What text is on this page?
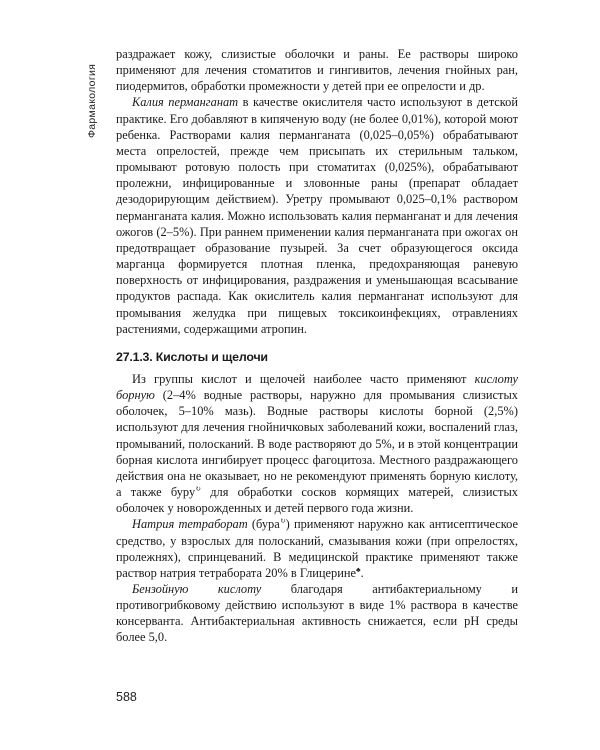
Фармакология

раздражает кожу, слизистые оболочки и раны. Ее растворы широко применяют для лечения стоматитов и гингивитов, лечения гнойных ран, пиодермитов, обработки промежности у детей при ее опрелости и др.

Калия перманганат в качестве окислителя часто используют в детской практике. Его добавляют в кипяченую воду (не более 0,01%), которой моют ребенка. Растворами калия перманганата (0,025–0,05%) обрабатывают места опрелостей, прежде чем присыпать их стерильным тальком, промывают ротовую полость при стоматитах (0,025%), обрабатывают пролежни, инфицированные и зловонные раны (препарат обладает дезодорирующим действием). Уретру промывают 0,025–0,1% раствором перманганата калия. Можно использовать калия перманганат и для лечения ожогов (2–5%). При раннем применении калия перманганата при ожогах он предотвращает образование пузырей. За счет образующегося оксида марганца формируется плотная пленка, предохраняющая раневую поверхность от инфицирования, раздражения и уменьшающая всасывание продуктов распада. Как окислитель калия перманганат используют для промывания желудка при пищевых токсикоинфекциях, отравлениях растениями, содержащими атропин.

27.1.3. Кислоты и щелочи

Из группы кислот и щелочей наиболее часто применяют кислоту борную (2–4% водные растворы, наружно для промывания слизистых оболочек, 5–10% мазь). Водные растворы кислоты борной (2,5%) используют для лечения гнойничковых заболеваний кожи, воспалений глаз, промываний, полосканий. В воде растворяют до 5%, и в этой концентрации борная кислота ингибирует процесс фагоцитоза. Местного раздражающего действия она не оказывает, но не рекомендуют применять борную кислоту, а также буру↻ для обработки сосков кормящих матерей, слизистых оболочек у новорожденных и детей первого года жизни.

Натрия тетраборат (бура↻) применяют наружно как антисептическое средство, у взрослых для полосканий, смазывания кожи (при опрелостях, пролежнях), спринцеваний. В медицинской практике применяют также раствор натрия тетрабората 20% в Глицерине♣.

Бензойную кислоту благодаря антибактериальному и противогрибковому действию используют в виде 1% раствора в качестве консерванта. Антибактериальная активность снижается, если pH среды более 5,0.

588
